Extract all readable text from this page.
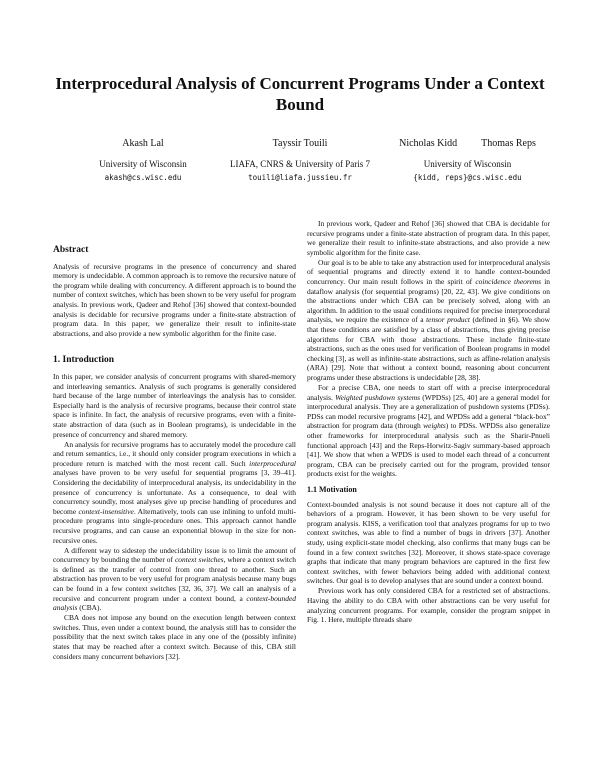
Interprocedural Analysis of Concurrent Programs Under a Context Bound
Akash Lal
University of Wisconsin
akash@cs.wisc.edu
Tayssir Touili
LIAFA, CNRS & University of Paris 7
touili@liafa.jussieu.fr
Nicholas Kidd Thomas Reps
University of Wisconsin
{kidd, reps}@cs.wisc.edu
Abstract

Analysis of recursive programs in the presence of concurrency and shared memory is undecidable. A common approach is to remove the recursive nature of the program while dealing with concurrency. A different approach is to bound the number of context switches, which has been shown to be very useful for program analysis. In previous work, Qadeer and Rehof [36] showed that context-bounded analysis is decidable for recursive programs under a finite-state abstraction of program data. In this paper, we generalize their result to infinite-state abstractions, and also provide a new symbolic algorithm for the finite case.

1. Introduction

In this paper, we consider analysis of concurrent programs with shared-memory and interleaving semantics. Analysis of such programs is generally considered hard because of the large number of interleavings the analysis has to consider. Especially hard is the analysis of recursive programs, because their control state space is infinite. In fact, the analysis of recursive programs, even with a finite-state abstraction of data (such as in Boolean programs), is undecidable in the presence of concurrency and shared memory.

An analysis for recursive programs has to accurately model the procedure call and return semantics, i.e., it should only consider program executions in which a procedure return is matched with the most recent call. Such interprocedural analyses have proven to be very useful for sequential programs [3, 39–41]. Considering the decidability of interprocedural analysis, its undecidability in the presence of concurrency is unfortunate. As a consequence, to deal with concurrency soundly, most analyses give up precise handling of procedures and become context-insensitive. Alternatively, tools can use inlining to unfold multi-procedure programs into single-procedure ones. This approach cannot handle recursive programs, and can cause an exponential blowup in the size for non-recursive ones.

A different way to sidestep the undecidability issue is to limit the amount of concurrency by bounding the number of context switches, where a context switch is defined as the transfer of control from one thread to another. Such an abstraction has proven to be very useful for program analysis because many bugs can be found in a few context switches [32, 36, 37]. We call an analysis of a recursive and concurrent program under a context bound, a context-bounded analysis (CBA).

CBA does not impose any bound on the execution length between context switches. Thus, even under a context bound, the analysis still has to consider the possibility that the next switch takes place in any one of the (possibly infinite) states that may be reached after a context switch. Because of this, CBA still considers many concurrent behaviors [32].

In previous work, Qadeer and Rehof [36] showed that CBA is decidable for recursive programs under a finite-state abstraction of program data. In this paper, we generalize their result to infinite-state abstractions, and also provide a new symbolic algorithm for the finite case.

Our goal is to be able to take any abstraction used for interprocedural analysis of sequential programs and directly extend it to handle context-bounded concurrency. Our main result follows in the spirit of coincidence theorems in dataflow analysis (for sequential programs) [20, 22, 43]. We give conditions on the abstractions under which CBA can be precisely solved, along with an algorithm. In addition to the usual conditions required for precise interprocedural analysis, we require the existence of a tensor product (defined in §6). We show that these conditions are satisfied by a class of abstractions, thus giving precise algorithms for CBA with those abstractions. These include finite-state abstractions, such as the ones used for verification of Boolean programs in model checking [3], as well as infinite-state abstractions, such as affine-relation analysis (ARA) [29]. Note that without a context bound, reasoning about concurrent programs under these abstractions is undecidable [28, 38].

For a precise CBA, one needs to start off with a precise interprocedural analysis. Weighted pushdown systems (WPDSs) [25, 40] are a general model for interprocedural analysis. They are a generalization of pushdown systems (PDSs). PDSs can model recursive programs [42], and WPDSs add a general “black-box” abstraction for program data (through weights) to PDSs. WPDSs also generalize other frameworks for interprocedural analysis such as the Sharir-Pnueli functional approach [43] and the Reps-Horwitz-Sagiv summary-based approach [41]. We show that when a WPDS is used to model each thread of a concurrent program, CBA can be precisely carried out for the program, provided tensor products exist for the weights.

1.1 Motivation

Context-bounded analysis is not sound because it does not capture all of the behaviors of a program. However, it has been shown to be very useful for program analysis. KISS, a verification tool that analyzes programs for up to two context switches, was able to find a number of bugs in drivers [37]. Another study, using explicit-state model checking, also confirms that many bugs can be found in a few context switches [32]. Moreover, it shows state-space coverage graphs that indicate that many program behaviors are captured in the first few context switches, with fewer behaviors being added with additional context switches. Our goal is to develop analyses that are sound under a context bound.

Previous work has only considered CBA for a restricted set of abstractions. Having the ability to do CBA with other abstractions can be very useful for analyzing concurrent programs. For example, consider the program snippet in Fig. 1. Here, multiple threads share
